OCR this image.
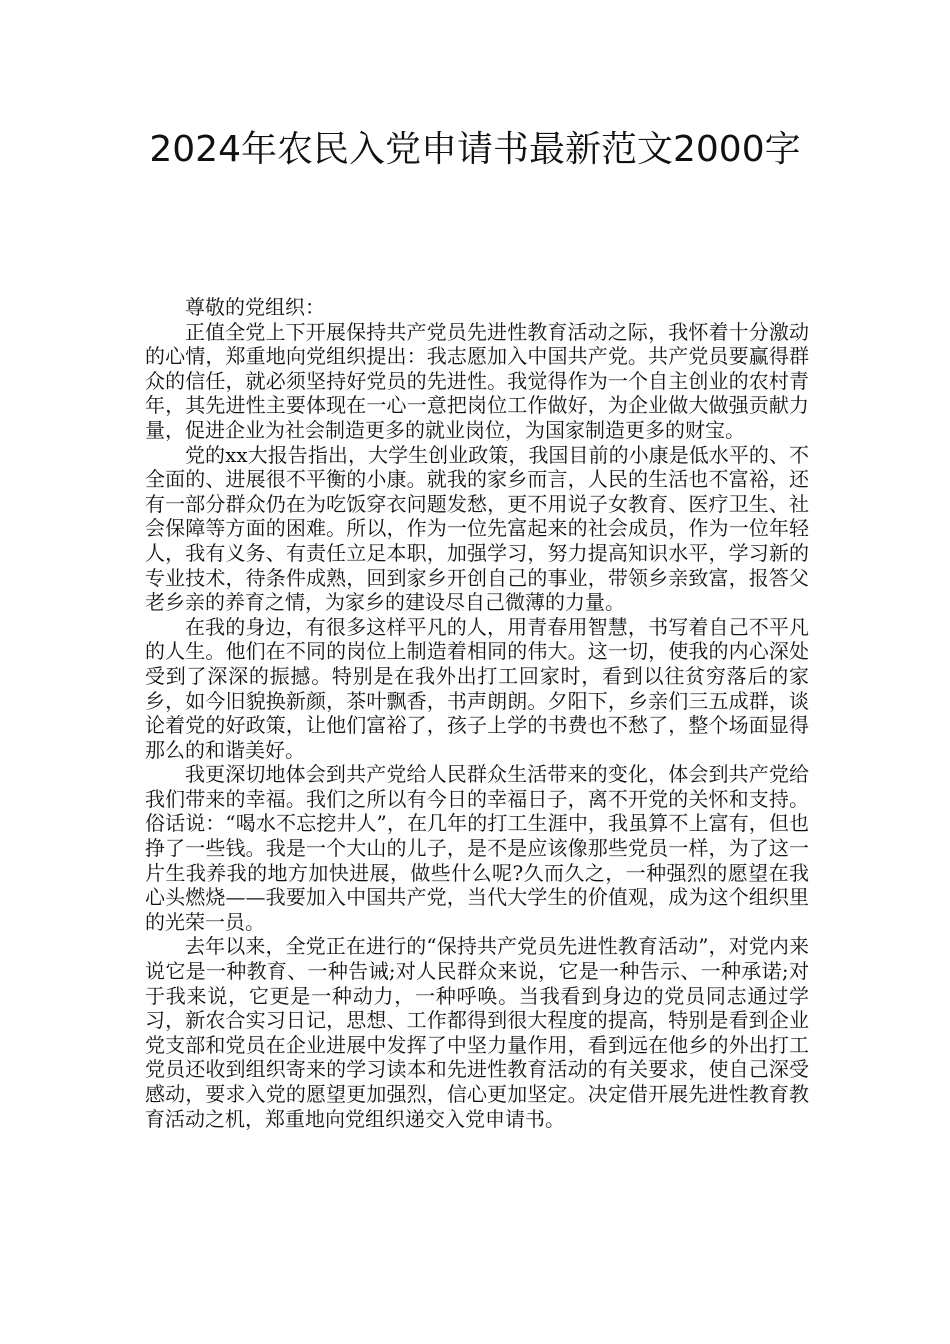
2024年农民入党申请书最新范文2000字

尊敬的党组织：

正值全党上下开展保持共产党员先进性教育活动之际，我怀着十分激动的心情，郑重地向党组织提出：我志愿加入中国共产党。共产党员要赢得群众的信任，就必须坚持好党员的先进性。我觉得作为一个自主创业的农村青年，其先进性主要体现在一心一意把岗位工作做好，为企业做大做强贡献力量，促进企业为社会制造更多的就业岗位，为国家制造更多的财宝。

党的xx大报告指出，大学生创业政策，我国目前的小康是低水平的、不全面的、进展很不平衡的小康。就我的家乡而言，人民的生活也不富裕，还有一部分群众仍在为吃饭穿衣问题发愁，更不用说子女教育、医疗卫生、社会保障等方面的困难。所以，作为一位先富起来的社会成员，作为一位年轻人，我有义务、有责任立足本职，加强学习，努力提高知识水平，学习新的专业技术，待条件成熟，回到家乡开创自己的事业，带领乡亲致富，报答父老乡亲的养育之情，为家乡的建设尽自己微薄的力量。

在我的身边，有很多这样平凡的人，用青春用智慧，书写着自己不平凡的人生。他们在不同的岗位上制造着相同的伟大。这一切，使我的内心深处受到了深深的振撼。特别是在我外出打工回家时，看到以往贫穷落后的家乡，如今旧貌换新颜，茶叶飘香，书声朗朗。夕阳下，乡亲们三五成群，谈论着党的好政策，让他们富裕了，孩子上学的书费也不愁了，整个场面显得那么的和谐美好。

我更深切地体会到共产党给人民群众生活带来的变化，体会到共产党给我们带来的幸福。我们之所以有今日的幸福日子，离不开党的关怀和支持。俗话说：“喝水不忘挖井人”，在几年的打工生涯中，我虽算不上富有，但也挣了一些钱。我是一个大山的儿子，是不是应该像那些党员一样，为了这一片生我养我的地方加快进展，做些什么呢?久而久之，一种强烈的愿望在我心头燃烧——我要加入中国共产党，当代大学生的价值观，成为这个组织里的光荣一员。

去年以来，全党正在进行的“保持共产党员先进性教育活动”，对党内来说它是一种教育、一种告诫;对人民群众来说，它是一种告示、一种承诺;对于我来说，它更是一种动力，一种呼唤。当我看到身边的党员同志通过学习，新农合实习日记，思想、工作都得到很大程度的提高，特别是看到企业党支部和党员在企业进展中发挥了中坚力量作用，看到远在他乡的外出打工党员还收到组织寄来的学习读本和先进性教育活动的有关要求，使自己深受感动，要求入党的愿望更加强烈，信心更加坚定。决定借开展先进性教育教育活动之机，郑重地向党组织递交入党申请书。
